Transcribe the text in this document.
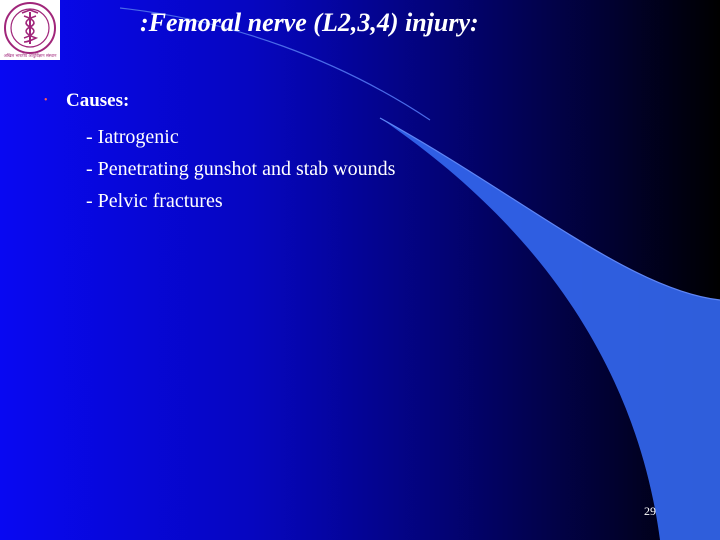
अखिल भारतीय आयुर्विज्ञान संस्थान
:Femoral nerve (L2,3,4) injury:
• Causes:
- Iatrogenic
- Penetrating gunshot and stab wounds
- Pelvic fractures
29
